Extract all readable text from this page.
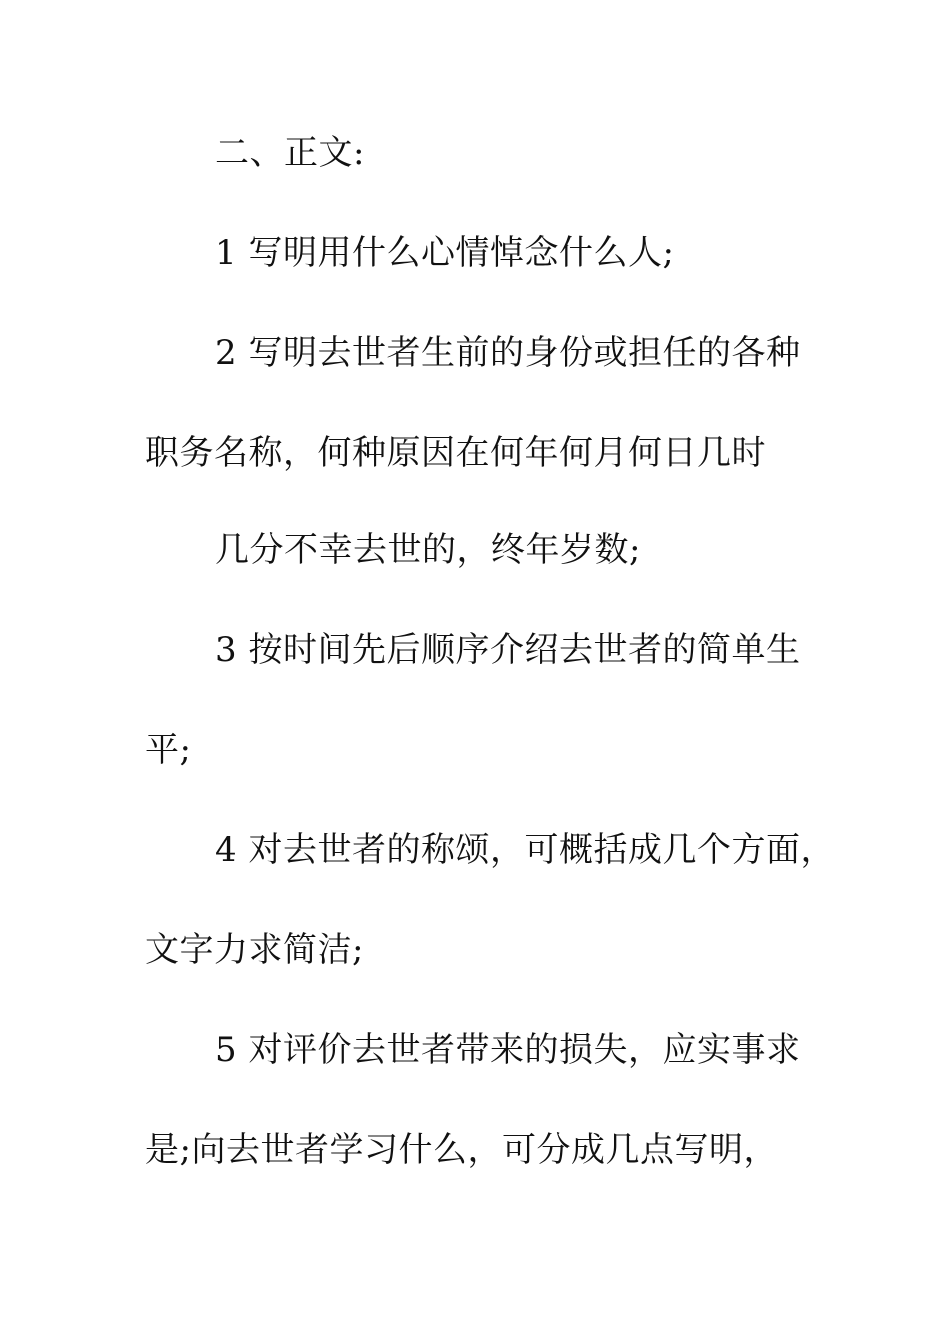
二、正文:
1 写明用什么心情悼念什么人;
2 写明去世者生前的身份或担任的各种
职务名称，何种原因在何年何月何日几时
几分不幸去世的，终年岁数;
3 按时间先后顺序介绍去世者的简单生
平;
4 对去世者的称颂，可概括成几个方面，
文字力求简洁;
5 对评价去世者带来的损失，应实事求
是;向去世者学习什么，可分成几点写明，
